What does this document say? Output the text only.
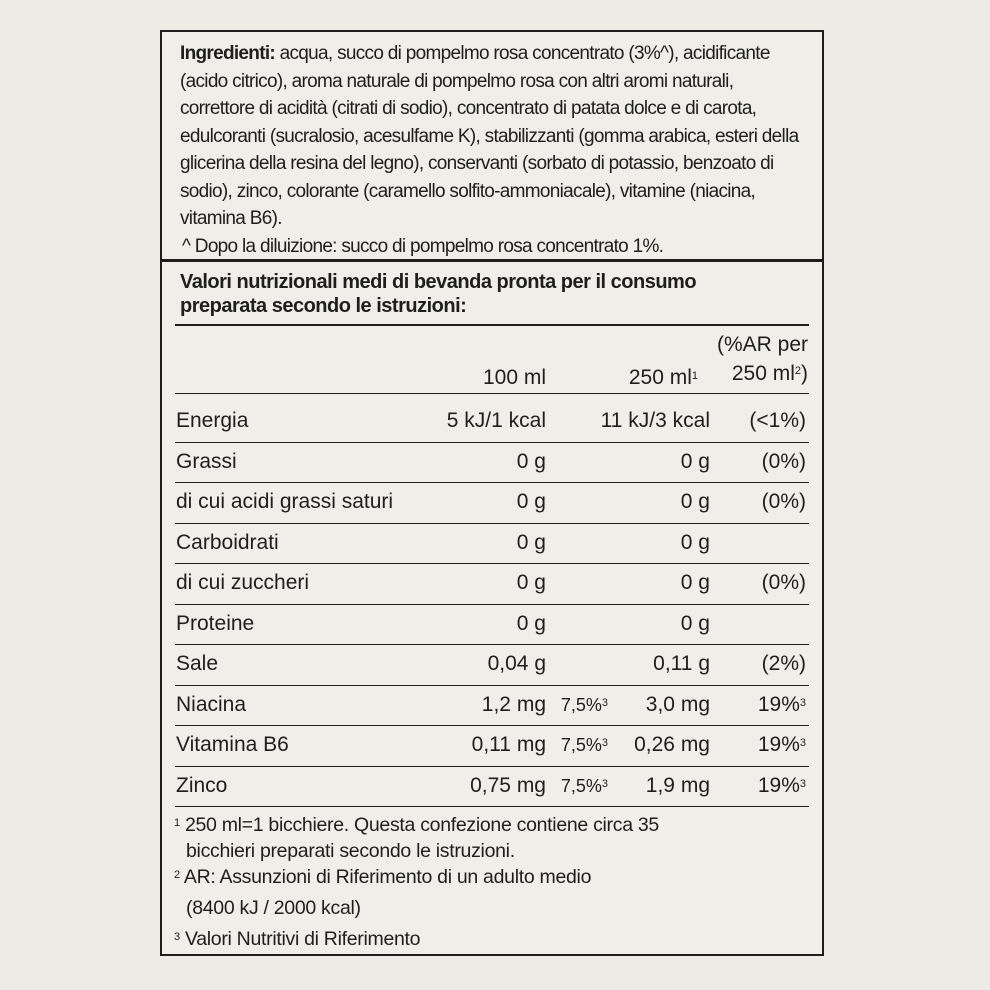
Ingredienti: acqua, succo di pompelmo rosa concentrato (3%^), acidificante (acido citrico), aroma naturale di pompelmo rosa con altri aromi naturali, correttore di acidità (citrati di sodio), concentrato di patata dolce e di carota, edulcoranti (sucralosio, acesulfame K), stabilizzanti (gomma arabica, esteri della glicerina della resina del legno), conservanti (sorbato di potassio, benzoato di sodio), zinco, colorante (caramello solfito-ammoniacale), vitamine (niacina, vitamina B6).
^ Dopo la diluizione: succo di pompelmo rosa concentrato 1%.
Valori nutrizionali medi di bevanda pronta per il consumo
preparata secondo le istruzioni:
100 ml	250 $ml^1$
(%AR per
250 $ml^2$)
Energia	5 kJ/1 kcal	11 kJ/3 kcal (<1%)
Grassi	0 g	0 g (0%)
di cui acidi grassi saturi	0 g	0 g (0%)
Carboidrati	0 g	0 g
di cui zuccheri	0 g	0 g (0%)
Proteine	0 g	0 g
Sale	0,04 g	0,11 g (2%)
Niacina	1,2 mg 7,5%$^3$ 3,0 mg 19%$^3$
Vitamina B6	0,11 mg 7,5%$^3$ 0,26 mg 19%$^3$
Zinco	0,75 mg 7,5%$^3$ 1,9 mg 19%$^3$
$^1$ 250 ml=1 bicchiere. Questa confezione contiene circa 35
bicchieri preparati secondo le istruzioni.
$^2$ AR: Assunzioni di Riferimento di un adulto medio
(8400 kJ / 2000 kcal)
$^3$ Valori Nutritivi di Riferimento
